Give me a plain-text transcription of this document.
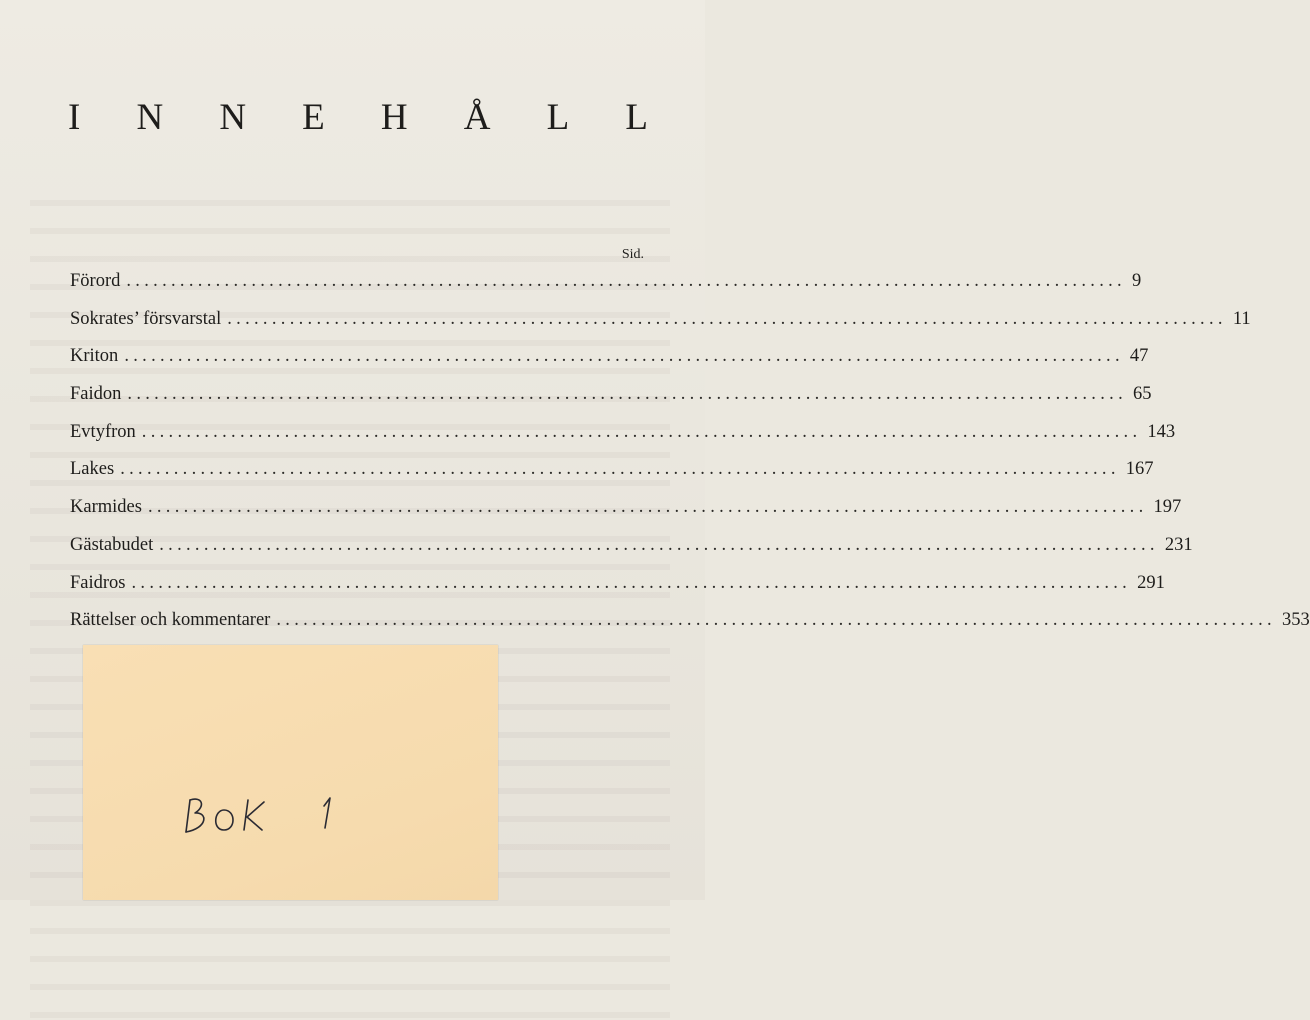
I N N E H Å L L
Sid.
Förord ................................................................................................................ 9
Sokrates’ försvarstal ................................................................................................................ 11
Kriton ................................................................................................................ 47
Faidon ................................................................................................................ 65
Evtyfron ................................................................................................................ 143
Lakes ................................................................................................................ 167
Karmides ................................................................................................................ 197
Gästabudet ................................................................................................................ 231
Faidros ................................................................................................................ 291
Rättelser och kommentarer ................................................................................................................ 353
